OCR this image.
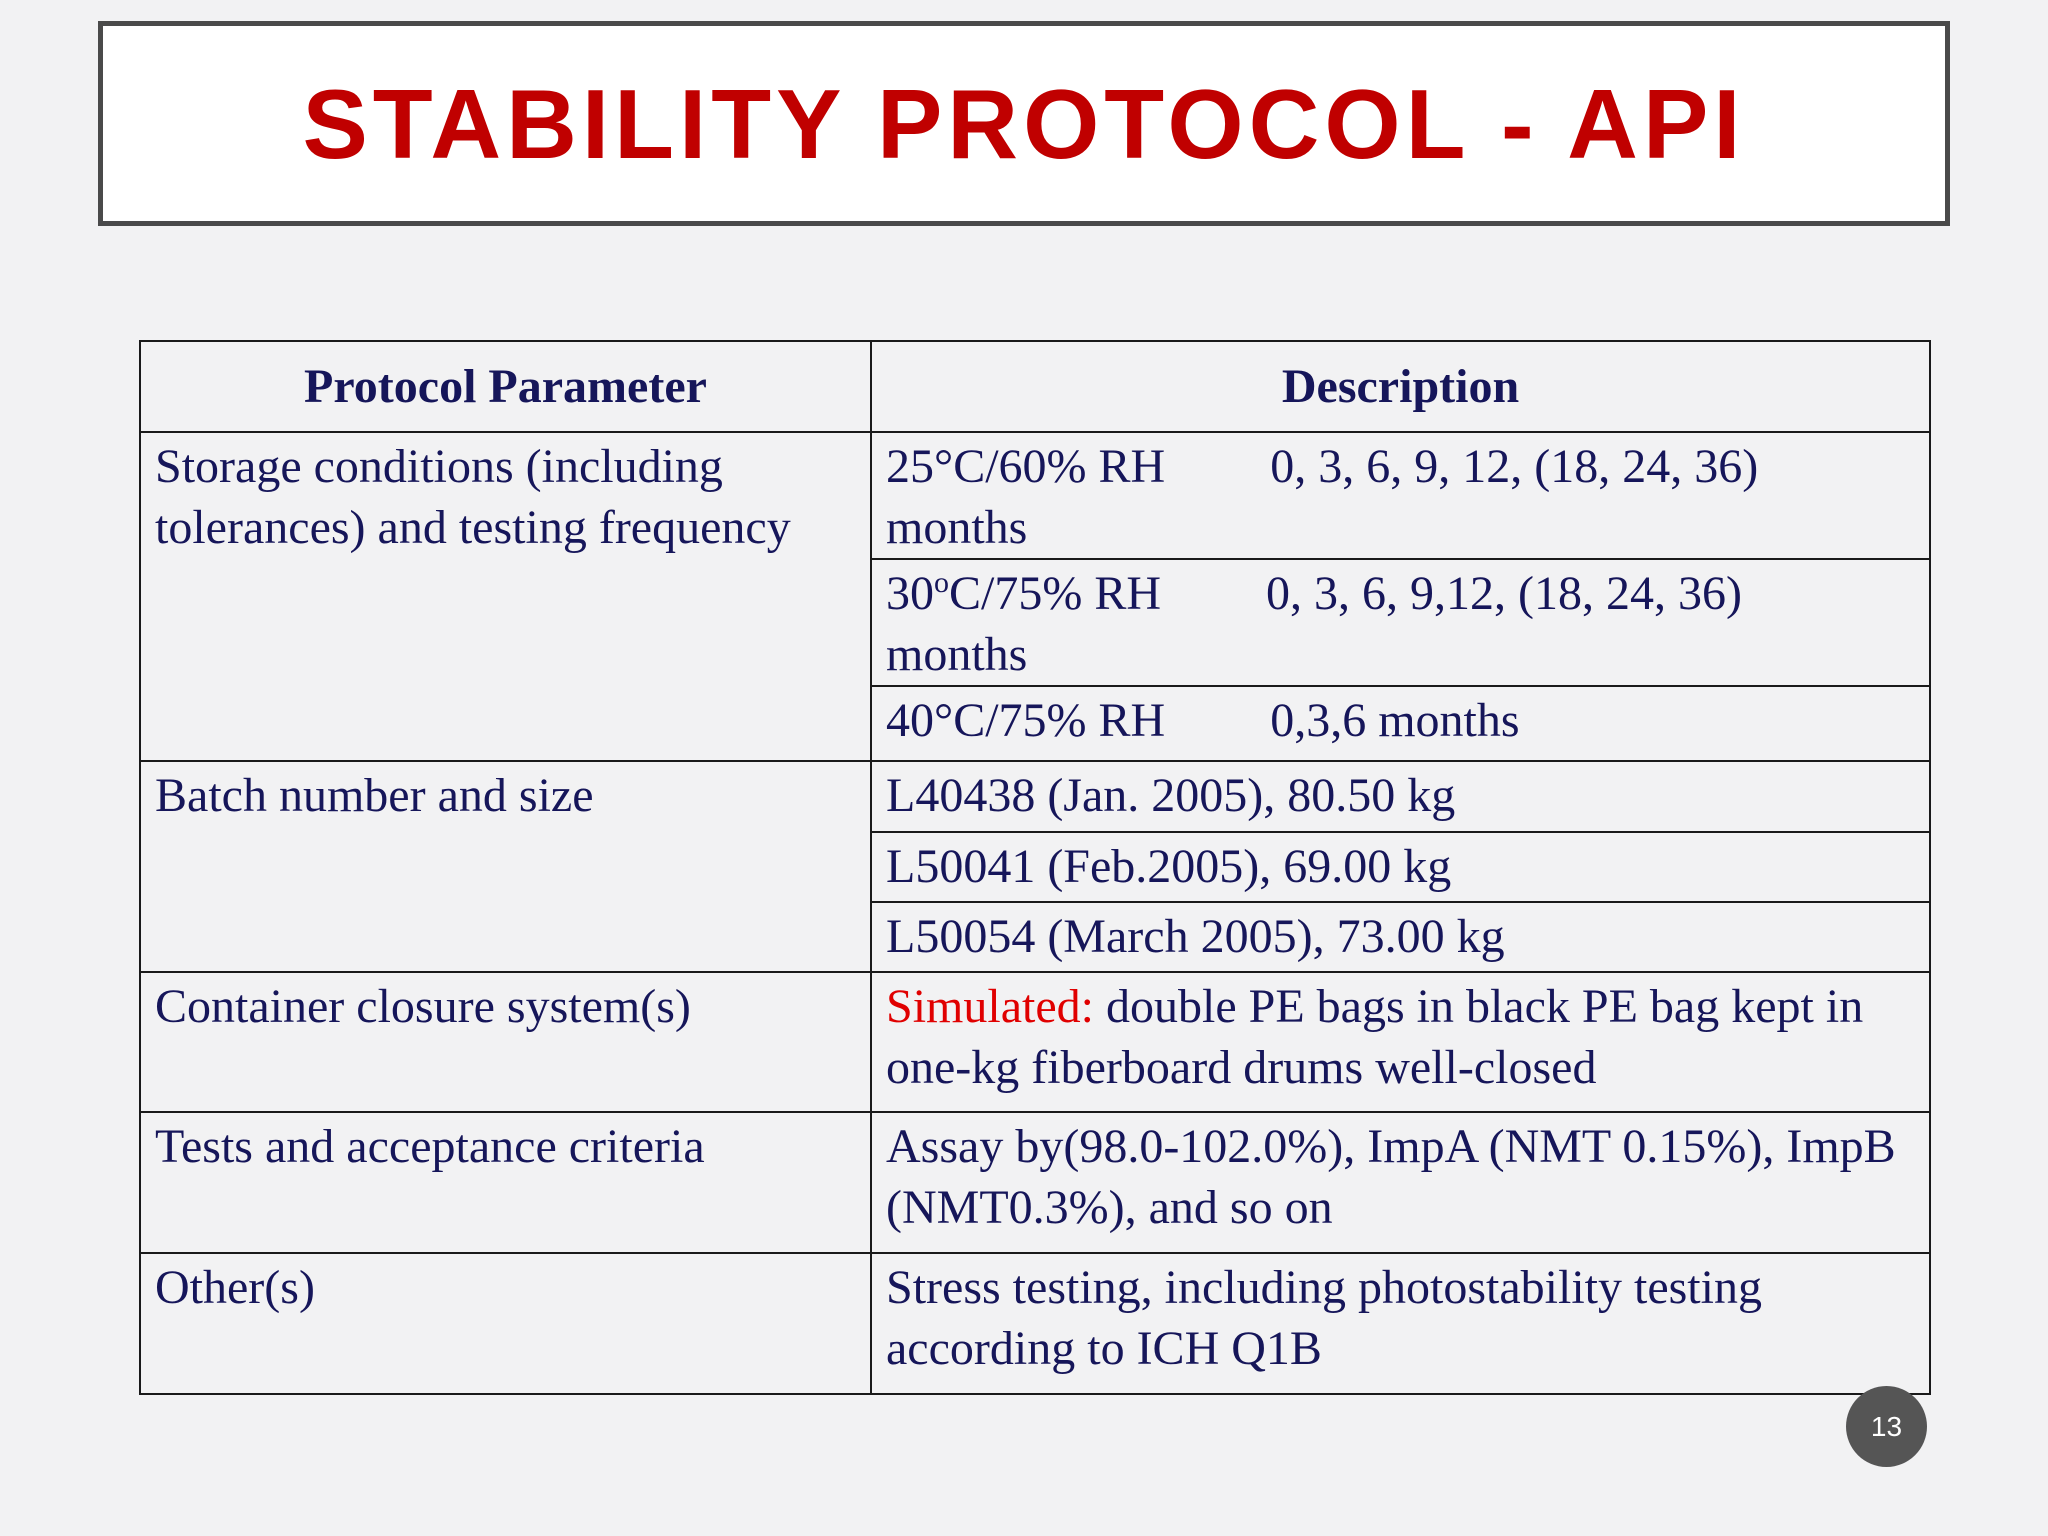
STABILITY PROTOCOL - API
Protocol Parameter	Description
Storage conditions (including tolerances) and testing frequency	25°C/60% RH 0, 3, 6, 9, 12, (18, 24, 36)
months
	30$^o$C/75% RH 0, 3, 6, 9,12, (18, 24, 36)
months
	40°C/75% RH 0,3,6 months
Batch number and size	L40438 (Jan. 2005), 80.50 kg
	L50041 (Feb.2005), 69.00 kg
	L50054 (March 2005), 73.00 kg
Container closure system(s)	Simulated: double PE bags in black PE bag kept in one-kg fiberboard drums well-closed
Tests and acceptance criteria	Assay by(98.0-102.0%), ImpA (NMT 0.15%), ImpB (NMT0.3%), and so on
Other(s)	Stress testing, including photostability testing according to ICH Q1B
13
